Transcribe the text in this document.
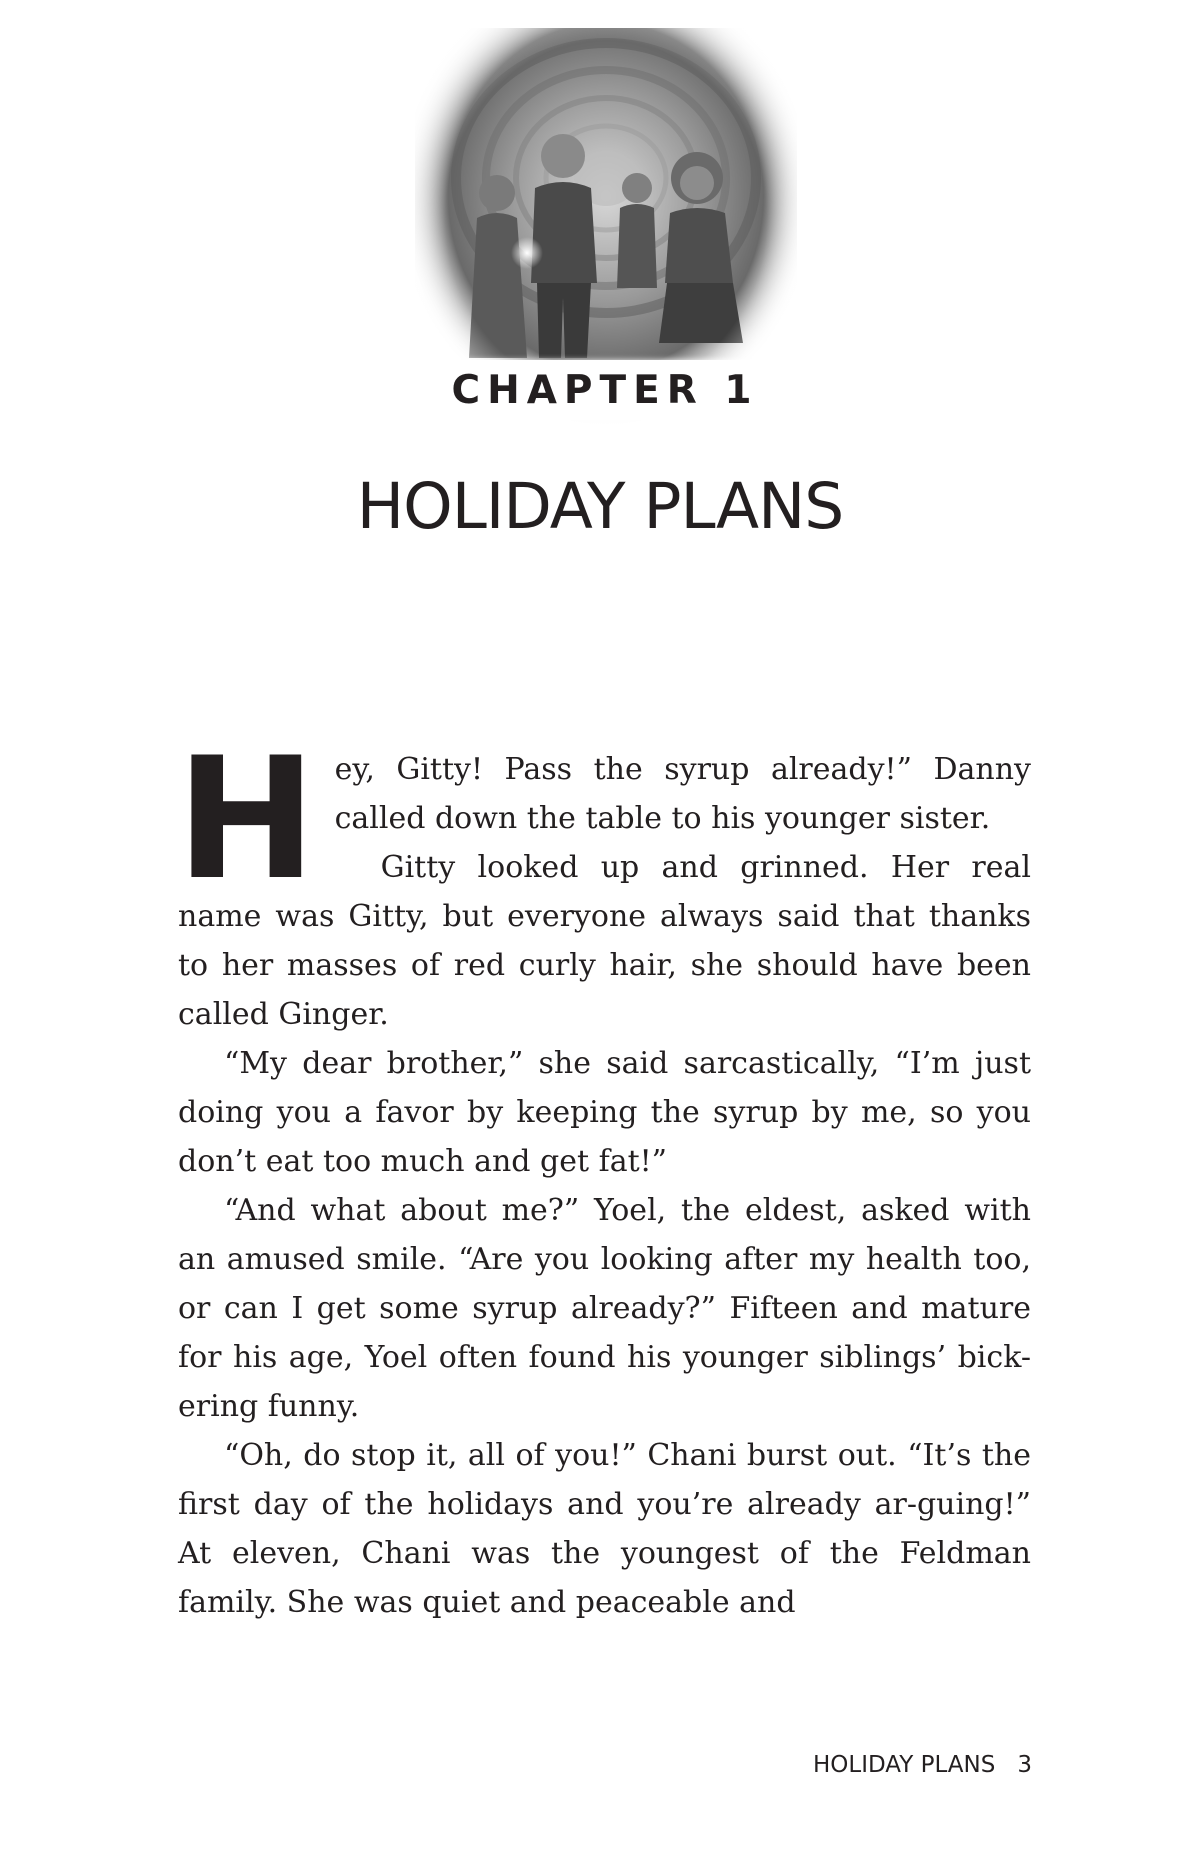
CHAPTER 1
HOLIDAY PLANS

Hey, Gitty! Pass the syrup already!” Danny called down the table to his younger sister.

Gitty looked up and grinned. Her real name was Gitty, but everyone always said that thanks to her masses of red curly hair, she should have been called Ginger.

“My dear brother,” she said sarcastically, “I’m just doing you a favor by keeping the syrup by me, so you don’t eat too much and get fat!”

“And what about me?” Yoel, the eldest, asked with an amused smile. “Are you looking after my health too, or can I get some syrup already?” Fifteen and mature for his age, Yoel often found his younger siblings’ bick-ering funny.

“Oh, do stop it, all of you!” Chani burst out. “It’s the first day of the holidays and you’re already ar-guing!” At eleven, Chani was the youngest of the Feldman family. She was quiet and peaceable and

HOLIDAY PLANS 3
